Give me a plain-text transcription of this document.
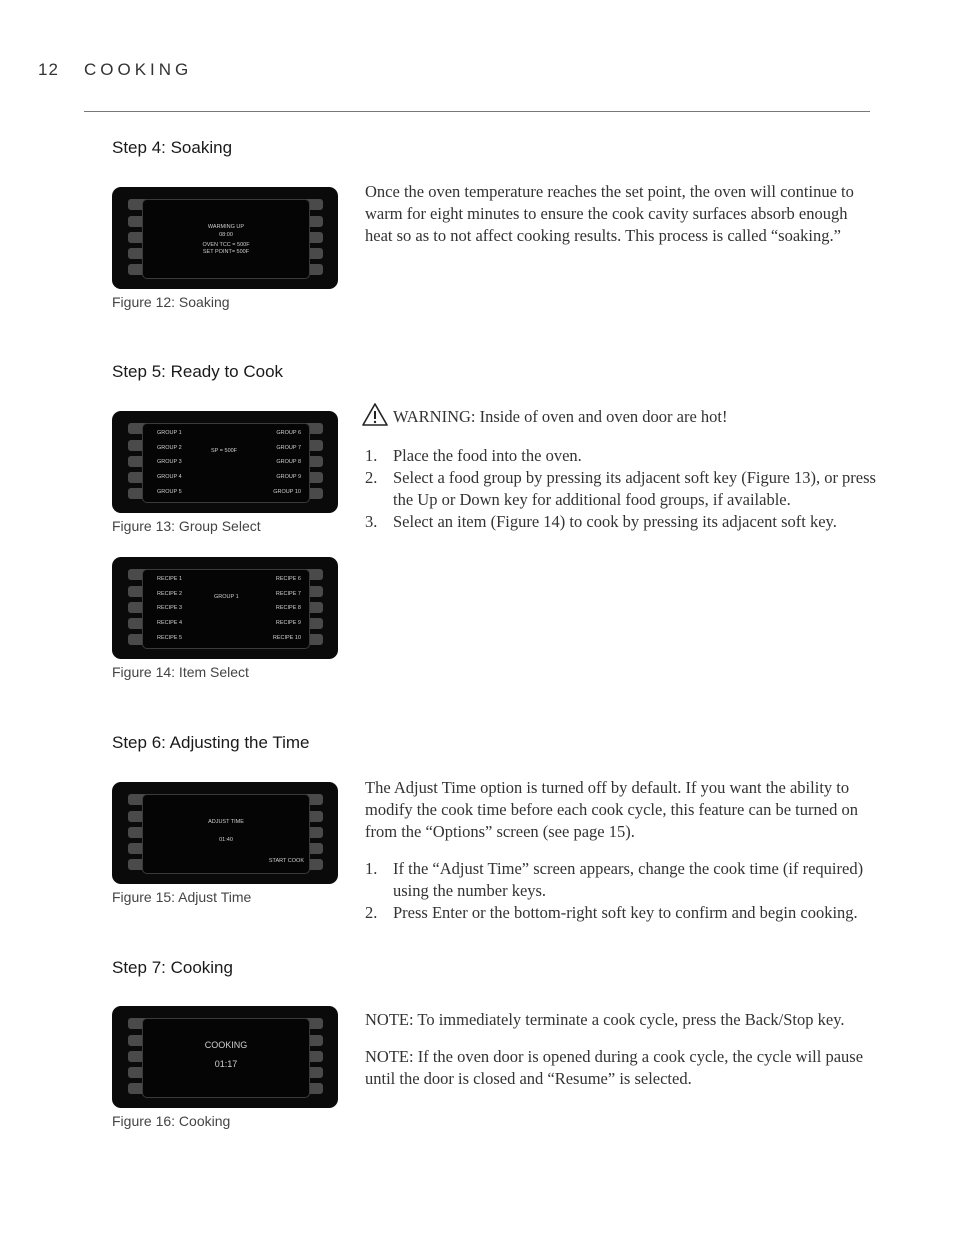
12 COOKING
Step 4: Soaking
WARMING UP
08:00
OVEN TCC = 500F
SET POINT= 500F
Figure 12: Soaking

Once the oven temperature reaches the set point, the oven will continue to warm for eight minutes to ensure the cook cavity surfaces absorb enough heat so as to not affect cooking results. This process is called “soaking.”

Step 5: Ready to Cook
GROUP 1
GROUP 2
GROUP 3
GROUP 4
GROUP 5
GROUP 6
GROUP 7
GROUP 8
GROUP 9
GROUP 10
SP = 500F
Figure 13: Group Select
RECIPE 1
RECIPE 2
RECIPE 3
RECIPE 4
RECIPE 5
RECIPE 6
RECIPE 7
RECIPE 8
RECIPE 9
RECIPE 10
GROUP 1
Figure 14: Item Select
WARNING: Inside of oven and oven door are hot!
1. Place the food into the oven.
2. Select a food group by pressing its adjacent soft key (Figure 13), or press the Up or Down key for additional food groups, if available.
3. Select an item (Figure 14) to cook by pressing its adjacent soft key.
Step 6: Adjusting the Time
ADJUST TIME
01:40
START COOK
Figure 15: Adjust Time

The Adjust Time option is turned off by default. If you want the ability to modify the cook time before each cook cycle, this feature can be turned on from the “Options” screen (see page 15).

1. If the “Adjust Time” screen appears, change the cook time (if required) using the number keys.
2. Press Enter or the bottom-right soft key to confirm and begin cooking.
Step 7: Cooking
COOKING
01:17
Figure 16: Cooking
NOTE: To immediately terminate a cook cycle, press the Back/Stop key.
NOTE: If the oven door is opened during a cook cycle, the cycle will pause until the door is closed and “Resume” is selected.
